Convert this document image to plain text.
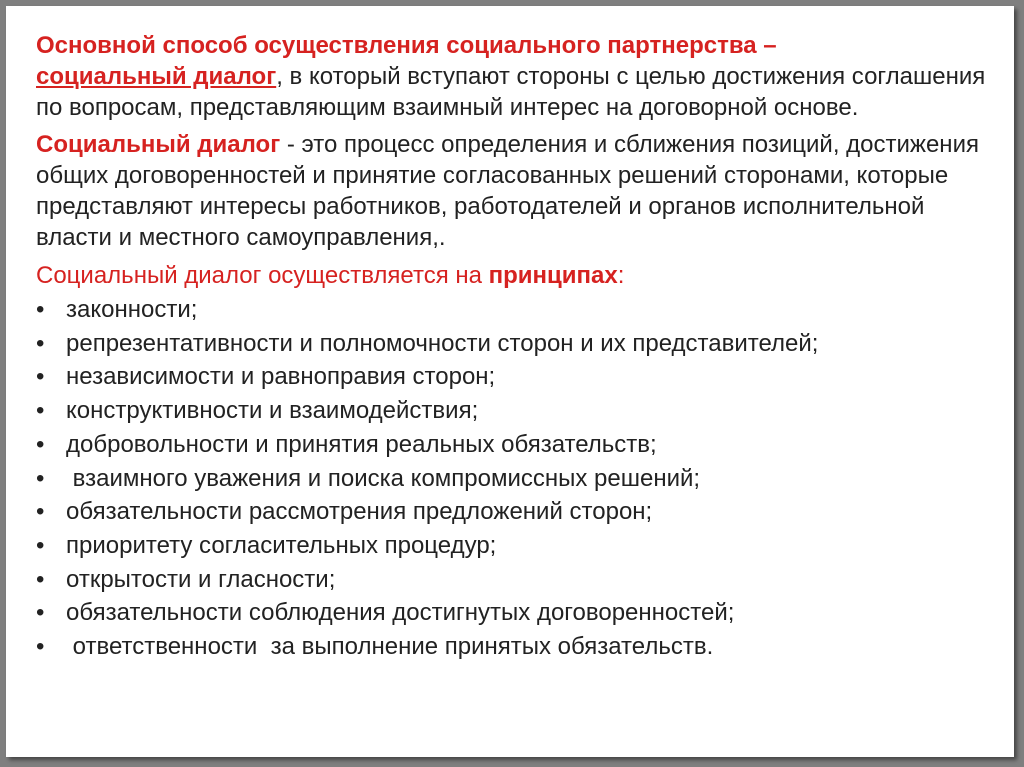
Основной способ осуществления социального партнерства –
социальный диалог, в который вступают стороны с целью достижения соглашения по вопросам, представляющим взаимный интерес на договорной основе.

Социальный диалог - это процесс определения и сближения позиций, достижения общих договоренностей и принятие согласованных решений сторонами, которые представляют интересы работников, работодателей и органов исполнительной власти и местного самоуправления,.

Социальный диалог осуществляется на принципах:

• законности;
• репрезентативности и полномочности сторон и их представителей;
• независимости и равноправия сторон;
• конструктивности и взаимодействия;
• добровольности и принятия реальных обязательств;
•  взаимного уважения и поиска компромиссных решений;
• обязательности рассмотрения предложений сторон;
• приоритету согласительных процедур;
• открытости и гласности;
• обязательности соблюдения достигнутых договоренностей;
•  ответственности  за выполнение принятых обязательств.
